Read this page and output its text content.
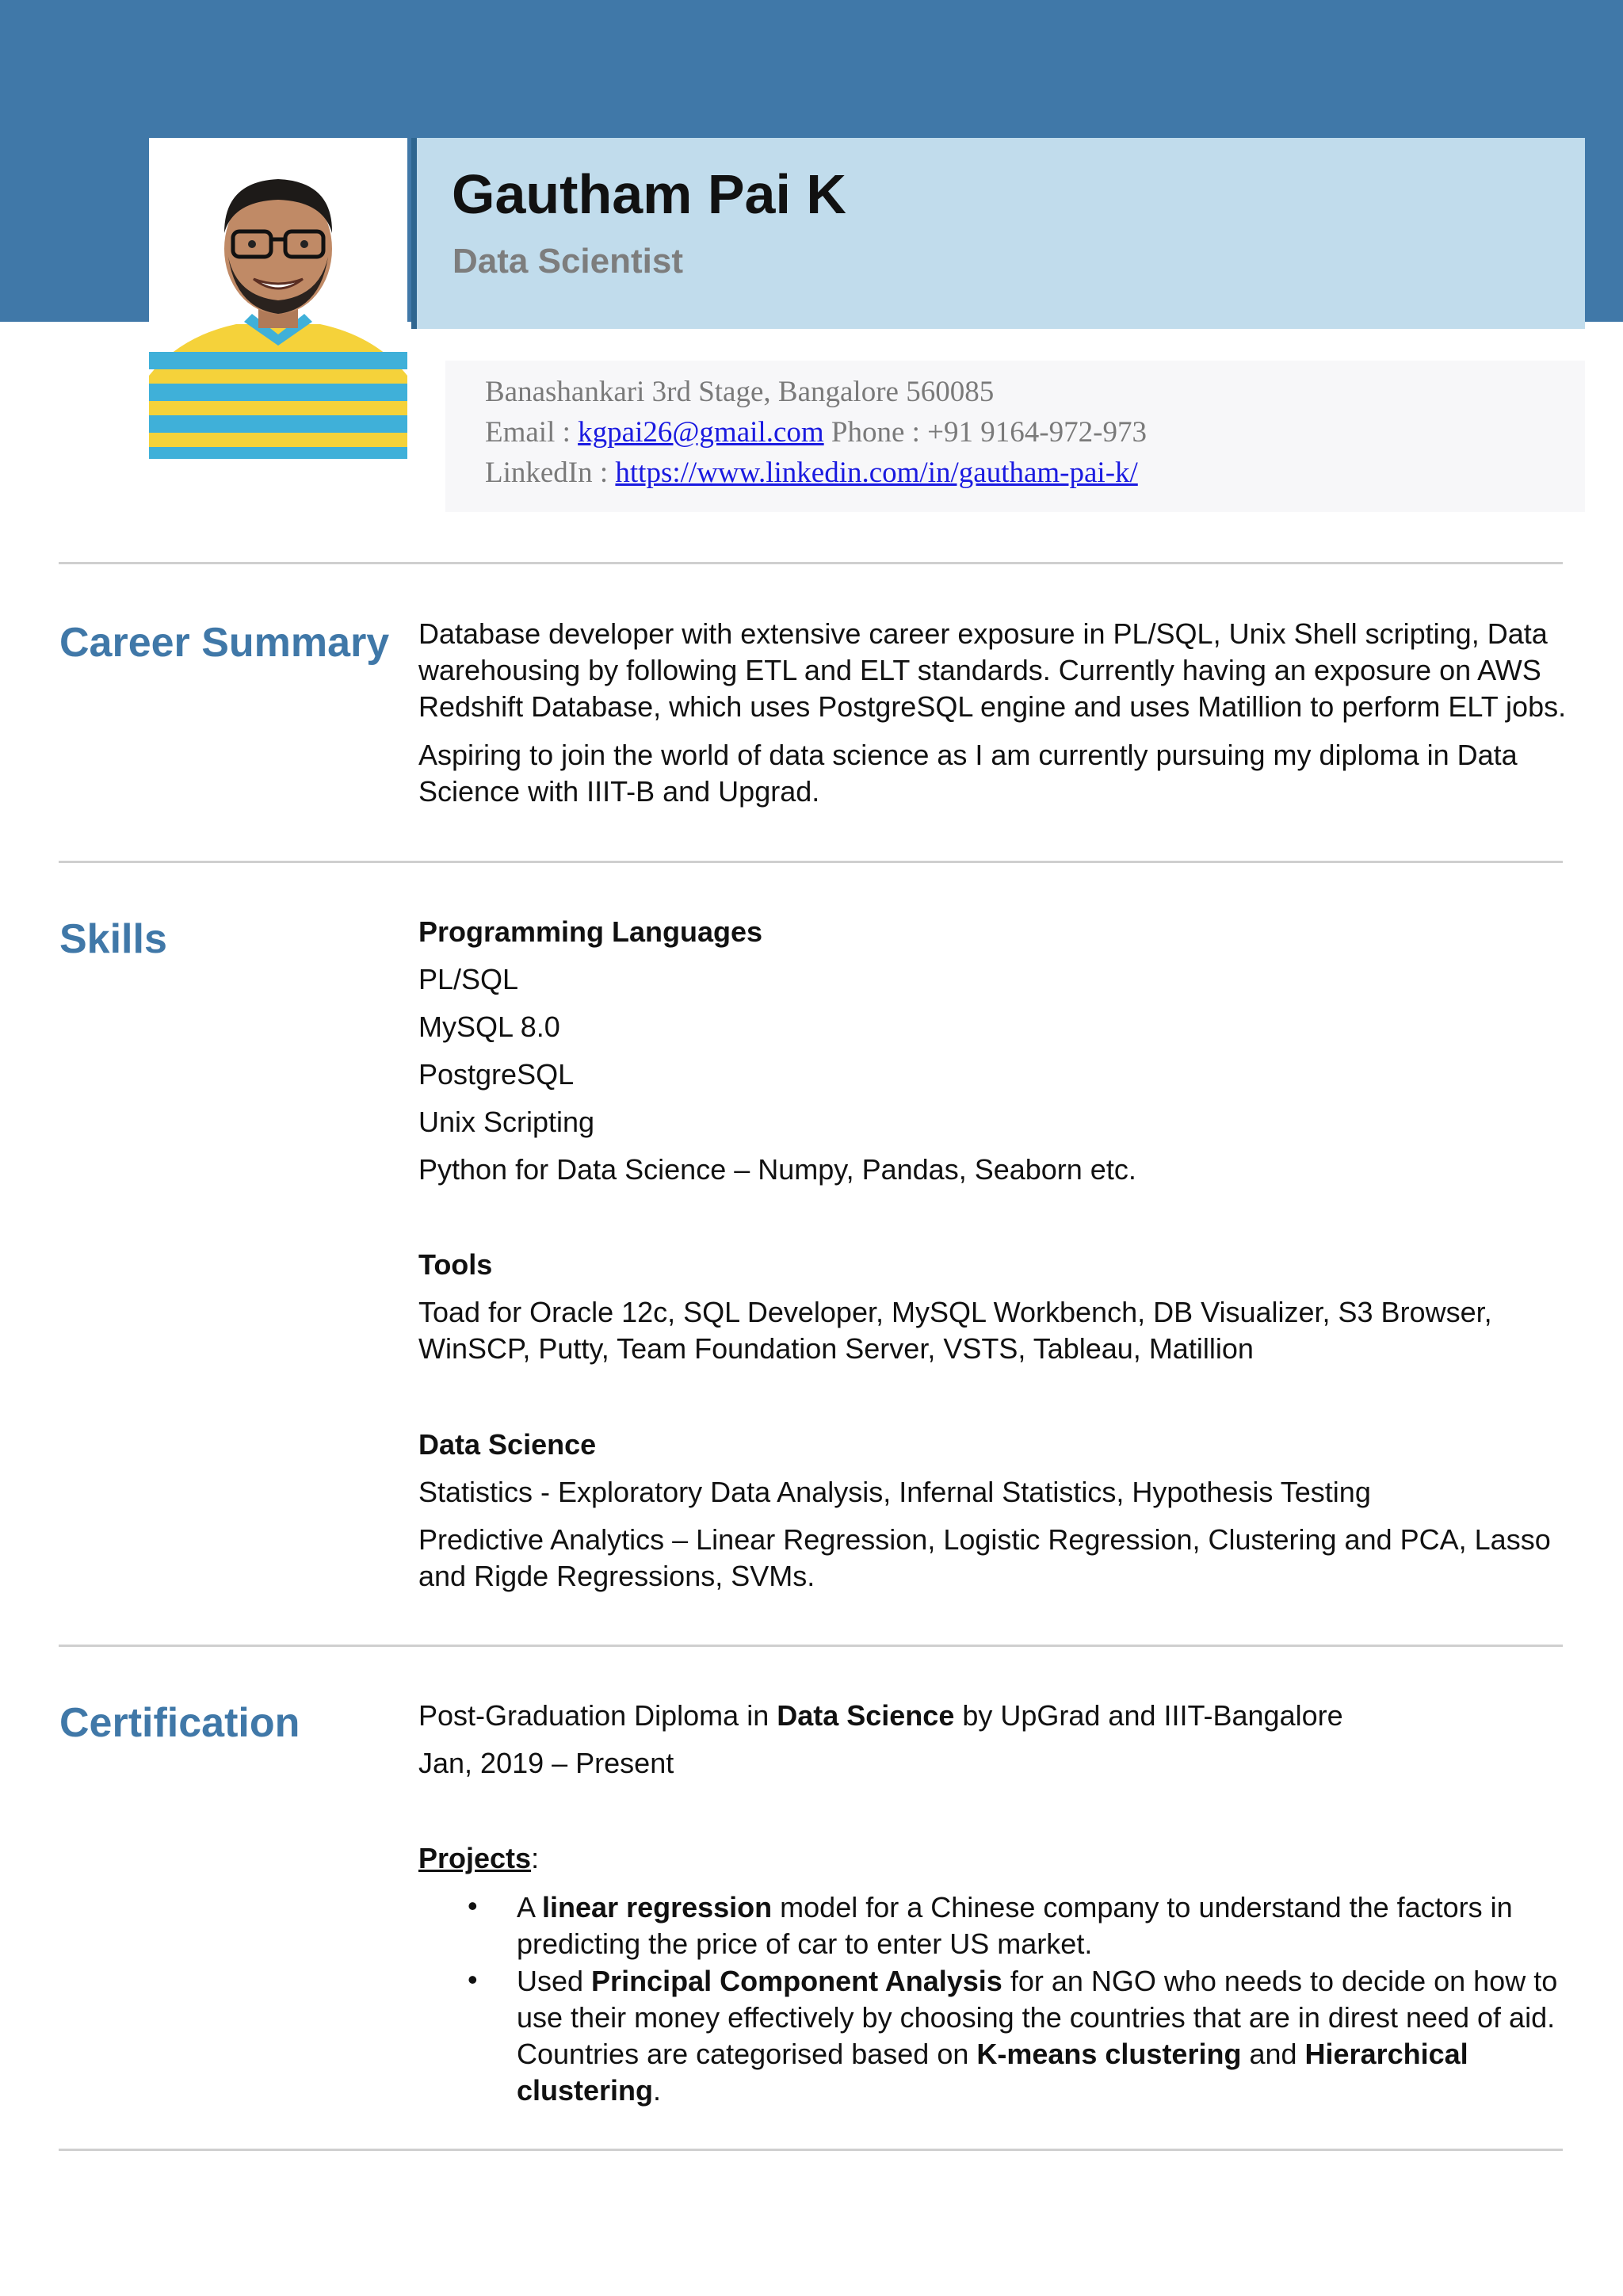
Gautham Pai K
Data Scientist
Banashankari 3rd Stage, Bangalore 560085
Email : kgpai26@gmail.com Phone : +91 9164-972-973
LinkedIn : https://www.linkedin.com/in/gautham-pai-k/
Career Summary Database developer with extensive career exposure in PL/SQL, Unix Shell scripting, Data
warehousing by following ETL and ELT standards. Currently having an exposure on AWS
Redshift Database, which uses PostgreSQL engine and uses Matillion to perform ELT jobs.
Aspiring to join the world of data science as I am currently pursuing my diploma in Data
Science with IIIT-B and Upgrad.
Skills	Programming Languages
PL/SQL
MySQL 8.0
PostgreSQL
Unix Scripting
Python for Data Science – Numpy, Pandas, Seaborn etc.
Tools
Toad for Oracle 12c, SQL Developer, MySQL Workbench, DB Visualizer, S3 Browser,
WinSCP, Putty, Team Foundation Server, VSTS, Tableau, Matillion
Data Science
Statistics - Exploratory Data Analysis, Infernal Statistics, Hypothesis Testing
Predictive Analytics – Linear Regression, Logistic Regression, Clustering and PCA, Lasso
and Rigde Regressions, SVMs.
Certification	Post-Graduation Diploma in Data Science by UpGrad and IIIT-Bangalore
Jan, 2019 – Present
Projects:
• A linear regression model for a Chinese company to understand the factors in
predicting the price of car to enter US market.
• Used Principal Component Analysis for an NGO who needs to decide on how to
use their money effectively by choosing the countries that are in direst need of aid.
Countries are categorised based on K-means clustering and Hierarchical
clustering.
